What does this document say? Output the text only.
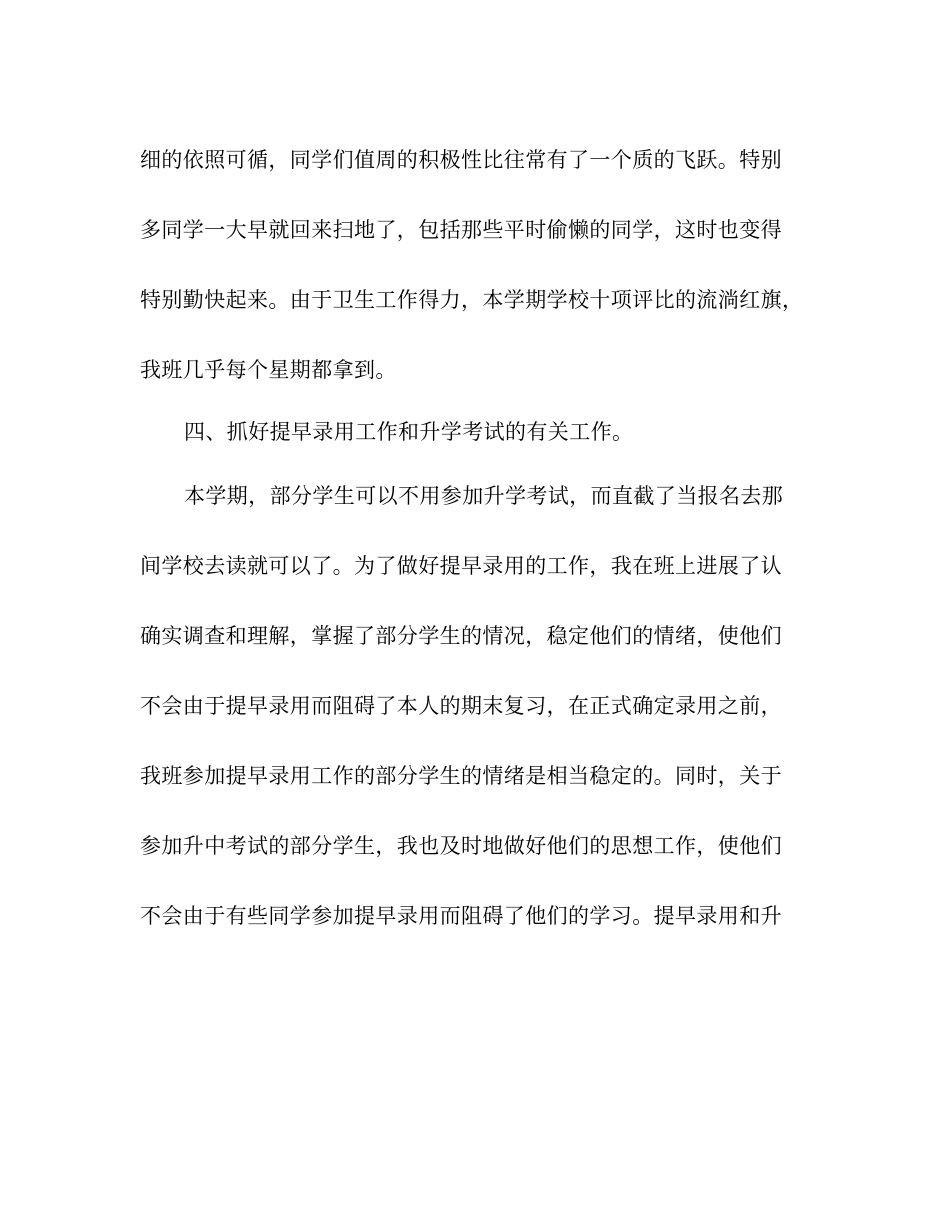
细的依照可循，同学们值周的积极性比往常有了一个质的飞跃。特别
多同学一大早就回来扫地了，包括那些平时偷懒的同学，这时也变得
特别勤快起来。由于卫生工作得力，本学期学校十项评比的流淌红旗，
我班几乎每个星期都拿到。
四、抓好提早录用工作和升学考试的有关工作。
本学期，部分学生可以不用参加升学考试，而直截了当报名去那
间学校去读就可以了。为了做好提早录用的工作，我在班上进展了认
确实调查和理解，掌握了部分学生的情况，稳定他们的情绪，使他们
不会由于提早录用而阻碍了本人的期末复习，在正式确定录用之前，
我班参加提早录用工作的部分学生的情绪是相当稳定的。同时，关于
参加升中考试的部分学生，我也及时地做好他们的思想工作，使他们
不会由于有些同学参加提早录用而阻碍了他们的学习。提早录用和升
